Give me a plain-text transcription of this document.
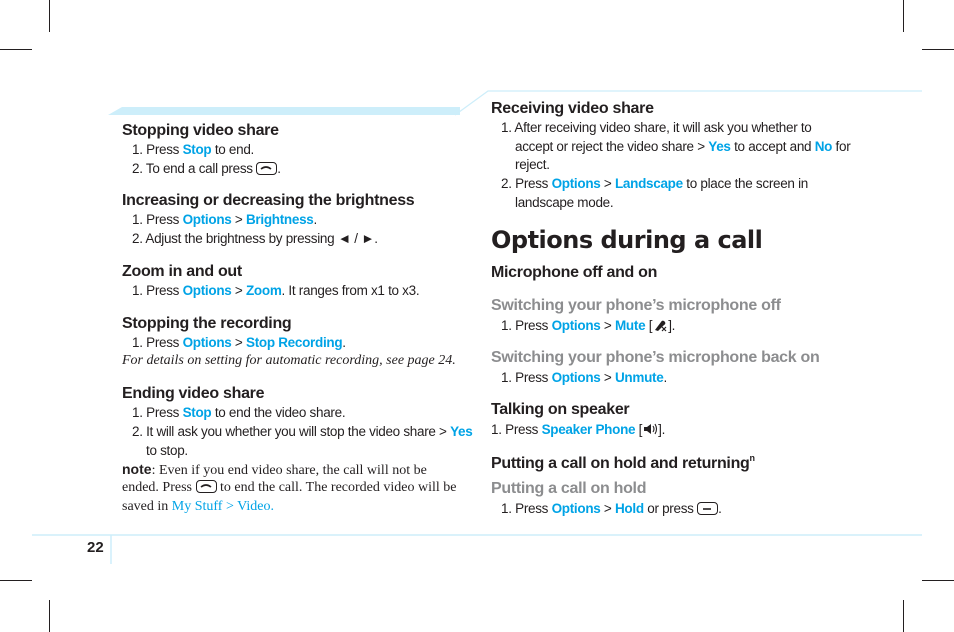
22
Stopping video share
1. Press Stop to end.
2. To end a call press
.
Increasing or decreasing the brightness
1. Press Options > Brightness.
2. Adjust the brightness by pressing ◄ / ►.
Zoom in and out
1. Press Options > Zoom. It ranges from x1 to x3.
Stopping the recording
1. Press Options > Stop Recording.
For details on setting for automatic recording, see page 24.
Ending video share
1. Press Stop to end the video share.
2. It will ask you whether you will stop the video share > Yes
to stop.
note: Even if you end video share, the call will not be
ended. Press
to end the call. The recorded video will be
saved in My Stuff > Video.
Receiving video share
1. After receiving video share, it will ask you whether to
accept or reject the video share > Yes to accept and No for
reject.
2. Press Options > Landscape to place the screen in
landscape mode.
Options during a call
Microphone off and on
Switching your phone’s microphone off
1. Press Options > Mute [ ].
Switching your phone’s microphone back on
1. Press Options > Unmute.
Talking on speaker
1. Press Speaker Phone [ ].
Putting a call on hold and returning$^n$
Putting a call on hold
1. Press Options > Hold or press
.
